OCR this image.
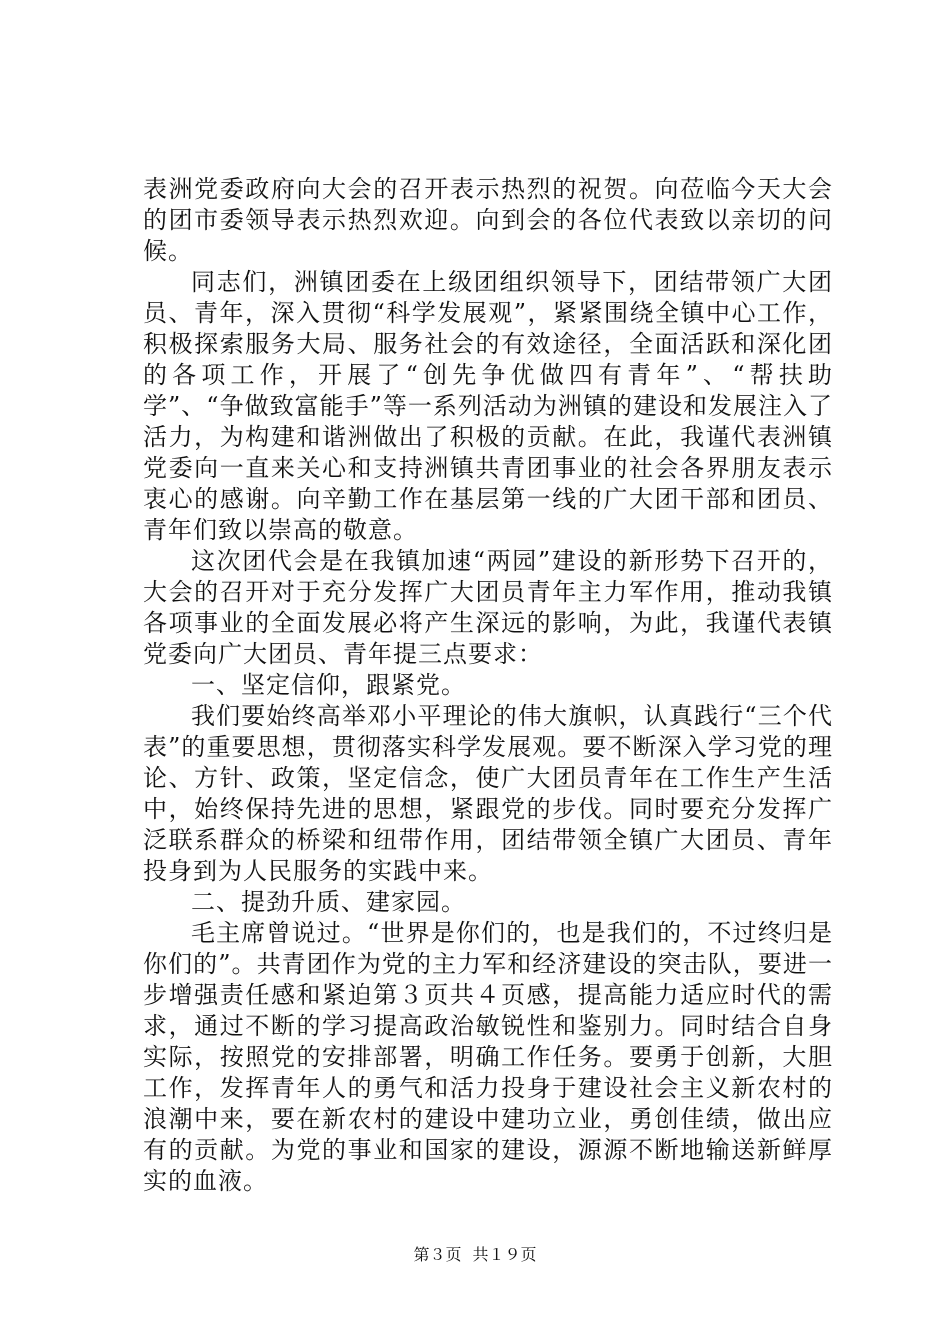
表洲党委政府向大会的召开表示热烈的祝贺。向莅临今天大会的团市委领导表示热烈欢迎。向到会的各位代表致以亲切的问候。

同志们，洲镇团委在上级团组织领导下，团结带领广大团员、青年，深入贯彻“科学发展观”，紧紧围绕全镇中心工作，积极探索服务大局、服务社会的有效途径，全面活跃和深化团的各项工作，开展了“创先争优做四有青年”、“帮扶助学”、“争做致富能手”等一系列活动为洲镇的建设和发展注入了活力，为构建和谐洲做出了积极的贡献。在此，我谨代表洲镇党委向一直来关心和支持洲镇共青团事业的社会各界朋友表示衷心的感谢。向辛勤工作在基层第一线的广大团干部和团员、青年们致以崇高的敬意。

这次团代会是在我镇加速“两园”建设的新形势下召开的，大会的召开对于充分发挥广大团员青年主力军作用，推动我镇各项事业的全面发展必将产生深远的影响，为此，我谨代表镇党委向广大团员、青年提三点要求：

一、坚定信仰，跟紧党。

我们要始终高举邓小平理论的伟大旗帜，认真践行“三个代表”的重要思想，贯彻落实科学发展观。要不断深入学习党的理论、方针、政策，坚定信念，使广大团员青年在工作生产生活中，始终保持先进的思想，紧跟党的步伐。同时要充分发挥广泛联系群众的桥梁和纽带作用，团结带领全镇广大团员、青年投身到为人民服务的实践中来。

二、提劲升质、建家园。

毛主席曾说过。“世界是你们的，也是我们的，不过终归是你们的”。共青团作为党的主力军和经济建设的突击队，要进一步增强责任感和紧迫第３页共４页感，提高能力适应时代的需求，通过不断的学习提高政治敏锐性和鉴别力。同时结合自身实际，按照党的安排部署，明确工作任务。要勇于创新，大胆工作，发挥青年人的勇气和活力投身于建设社会主义新农村的浪潮中来，要在新农村的建设中建功立业，勇创佳绩，做出应有的贡献。为党的事业和国家的建设，源源不断地输送新鲜厚实的血液。

第３页 共１９页
